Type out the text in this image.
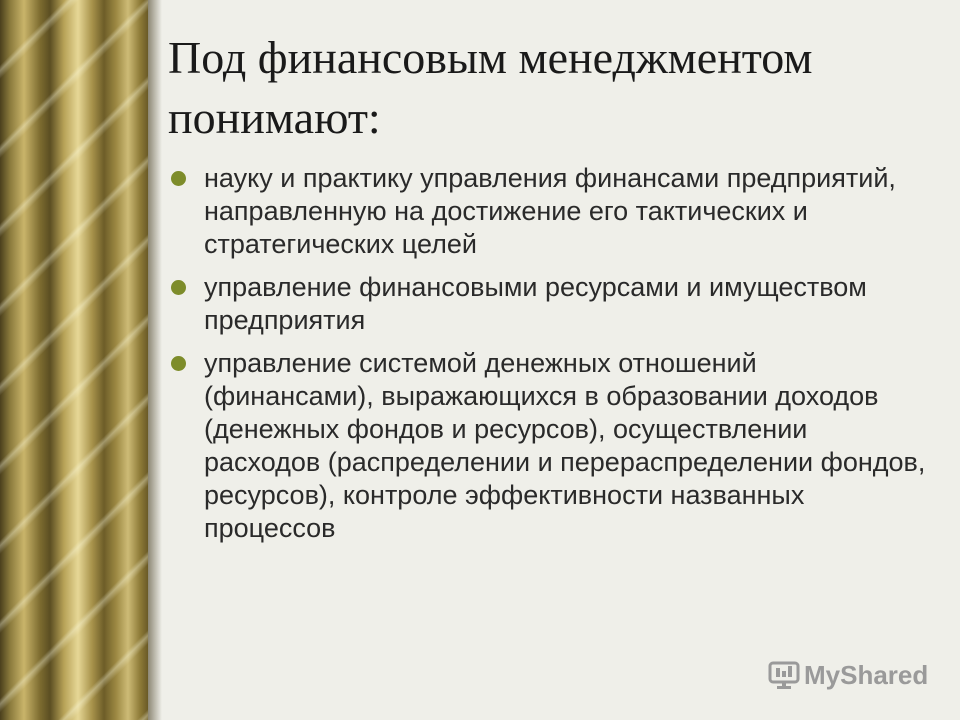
Под финансовым менеджментом понимают:
науку и практику управления финансами предприятий, направленную на достижение его тактических и стратегических целей
управление финансовыми ресурсами и имуществом предприятия
управление системой денежных отношений (финансами), выражающихся в образовании доходов (денежных фондов и ресурсов), осуществлении расходов (распределении и перераспределении фондов, ресурсов), контроле эффективности названных процессов
MyShared
